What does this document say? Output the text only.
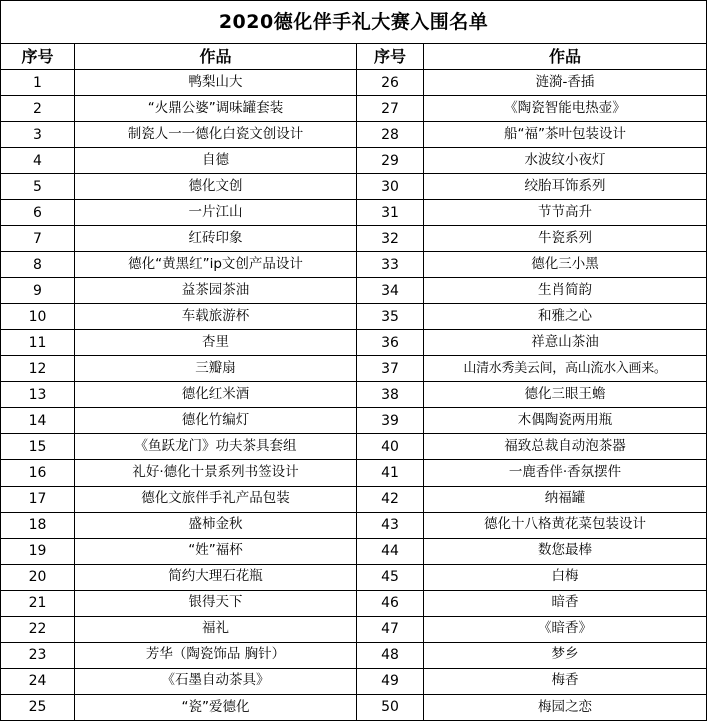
2020德化伴手礼大赛入围名单			
序号	作品	序号	作品
1	鸭梨山大	26	涟漪-香插
2	“火鼎公婆”调味罐套装	27	《陶瓷智能电热壶》
3	制瓷人一一德化白瓷文创设计	28	船“福”茶叶包装设计
4	自德	29	水波纹小夜灯
5	德化文创	30	绞胎耳饰系列
6	一片江山	31	节节高升
7	红砖印象	32	牛瓷系列
8	德化“黄黑红”ip文创产品设计	33	德化三小黑
9	益茶园茶油	34	生肖简韵
10	车载旅游杯	35	和雅之心
11	杏里	36	祥意山茶油
12	三瓣扇	37	山清水秀美云间，高山流水入画来。
13	德化红米酒	38	德化三眼王蟾
14	德化竹编灯	39	木偶陶瓷两用瓶
15	《鱼跃龙门》功夫茶具套组	40	福致总裁自动泡茶器
16	礼好·德化十景系列书签设计	41	一鹿香伴·香氛摆件
17	德化文旅伴手礼产品包装	42	纳福罐
18	盛柿金秋	43	德化十八格黄花菜包装设计
19	“姓”福杯	44	数您最棒
20	简约大理石花瓶	45	白梅
21	银得天下	46	暗香
22	福礼	47	《暗香》
23	芳华（陶瓷饰品 胸针）	48	梦乡
24	《石墨自动茶具》	49	梅香
25	“瓷”爱德化	50	梅园之恋
